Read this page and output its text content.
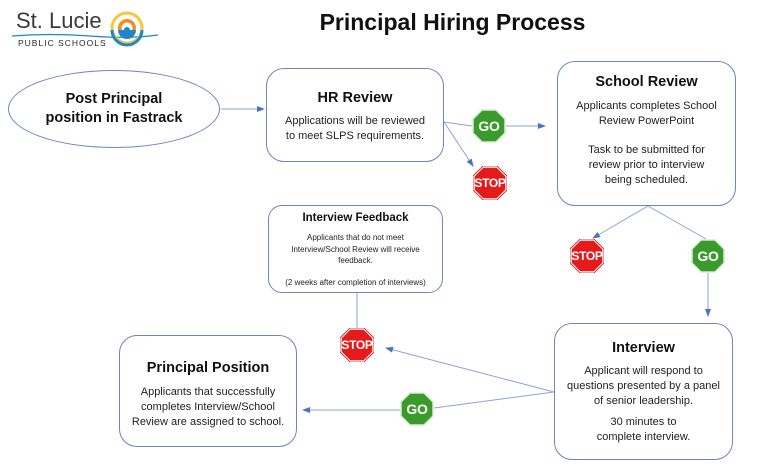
St. Lucie
PUBLIC SCHOOLS
Principal Hiring Process
Post Principal position in Fastrack
HR Review
Applications will be reviewed to meet SLPS requirements.
School Review
Applicants completes School Review PowerPoint
Task to be submitted for review prior to interview being scheduled.
Interview Feedback
Applicants that do not meet Interview/School Review will receive feedback.
(2 weeks after completion of interviews)
Interview
Applicant will respond to questions presented by a panel of senior leadership.
30 minutes to complete interview.
Principal Position
Applicants that successfully completes Interview/School Review are assigned to school.
GO
STOP
STOP	GO
STOP
GO
